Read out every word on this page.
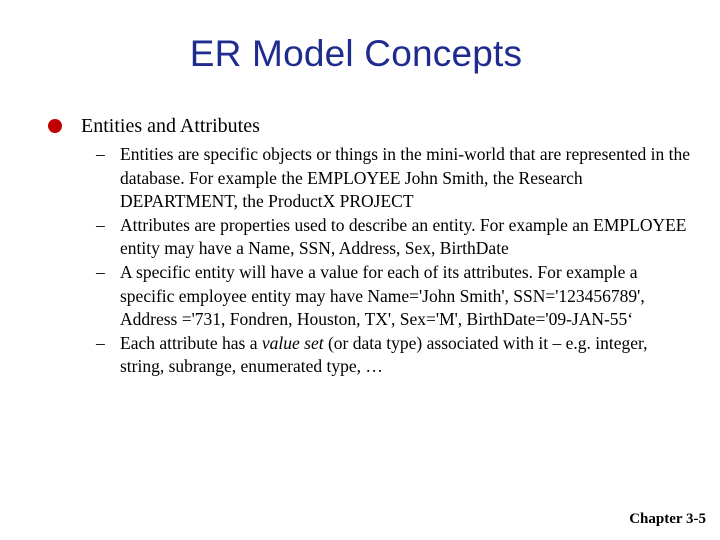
ER Model Concepts
Entities and Attributes
– Entities are specific objects or things in the mini-world that are represented in the database. For example the EMPLOYEE John Smith, the Research DEPARTMENT, the ProductX PROJECT
– Attributes are properties used to describe an entity. For example an EMPLOYEE entity may have a Name, SSN, Address, Sex, BirthDate
– A specific entity will have a value for each of its attributes. For example a specific employee entity may have Name='John Smith', SSN='123456789', Address ='731, Fondren, Houston, TX', Sex='M', BirthDate='09-JAN-55‘
– Each attribute has a value set (or data type) associated with it – e.g. integer, string, subrange, enumerated type, …
Chapter 3-5
